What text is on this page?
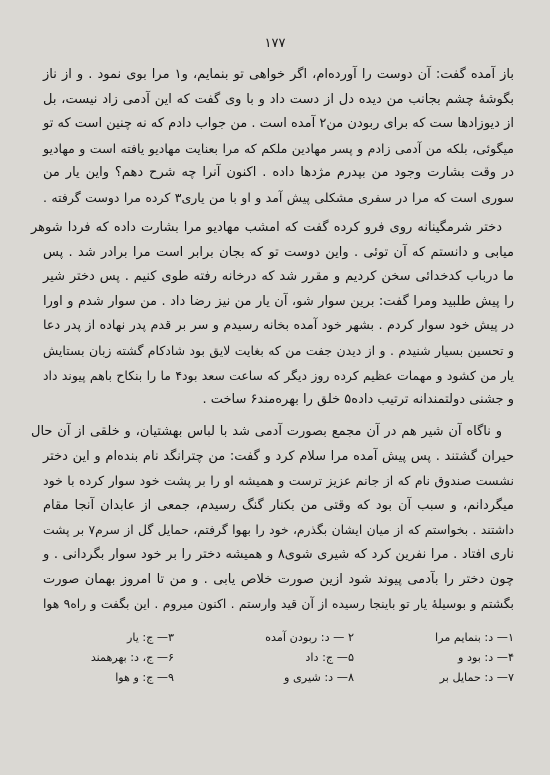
۱۷۷
باز آمده گفت: آن دوست را آورده‌ام، اگر خواهی تو بنمایم، و۱ مرا بوی نمود . و از ناز
بگوشهٔ چشم بجانب من دیده دل از دست داد و با وی گفت که این آدمی زاد نیست، بل
از دیوزادها ست که برای ربودن من۲ آمده است . من جواب دادم که نه چنین است که تو
میگوئی، بلکه من آدمی زادم و پسر مهادین ملکم که مرا بعنایت مهادیو یافته است و مهادیو
در وقت بشارت وجود من بپدرم مژدها داده . اکنون آنرا چه شرح دهم؟ واین یار من
سوری است که مرا در سفری مشکلی پیش آمد و او با من یاری۳ کرده مرا دوست گرفته .
دختر شرمگینانه روی فرو کرده گفت که امشب مهادیو مرا بشارت داده که فردا شوهر
میابی و دانستم که آن توئی . واین دوست تو که بجان برابر است مرا برادر شد . پس
ما درباب کدخدائی سخن کردیم و مقرر شد که درخانه رفته طوی کنیم . پس دختر شیر
را پیش طلبید ومرا گفت: برین سوار شو، آن یار من نیز رضا داد . من سوار شدم و اورا
در پیش خود سوار کردم . بشهر خود آمده بخانه رسیدم و سر بر قدم پدر نهاده از پدر دعا
و تحسین بسیار شنیدم . و از دیدن جفت من که بغایت لایق بود شادکام گشته زبان بستایش
یار من کشود و مهمات عظیم کرده روز دیگر که ساعت سعد بود۴ ما را بنکاح باهم پیوند داد
و جشنی دولتمندانه ترتیب داده۵ خلق را بهره‌مند۶ ساخت .
و ناگاه آن شیر هم در آن مجمع بصورت آدمی شد با لباس بهشتیان، و خلقی از آن حال
حیران گشتند . پس پیش آمده مرا سلام کرد و گفت: من چترانگد نام بنده‌ام و این دختر
نشست صندوق نام که از جانم عزیز ترست و همیشه او را بر پشت خود سوار کرده با خود
میگردانم، و سبب آن بود که وقتی من بکنار گنگ رسیدم، جمعی از عابدان آنجا مقام
داشتند . بخواستم که از میان ایشان بگذرم، خود را بهوا گرفتم، حمایل گل از سرم۷ بر پشت
ناری افتاد . مرا نفرین کرد که شیری شوی۸ و همیشه دختر را بر خود سوار بگردانی . و
چون دختر را بآدمی پیوند شود ازین صورت خلاص یابی . و من تا امروز بهمان صورت
بگشتم و بوسیلهٔ یار تو باینجا رسیده از آن قید وارستم . اکنون میروم . این بگفت و راه۹ هوا
۱— د: بنمایم مرا
۴— د: بود و
۷— د: حمایل بر
۲ — د: ربودن آمده
۵— ج: داد
۸— د: شیری و
۳— ج: یار
۶— ج، د: بهرهمند
۹— ج: و هوا
